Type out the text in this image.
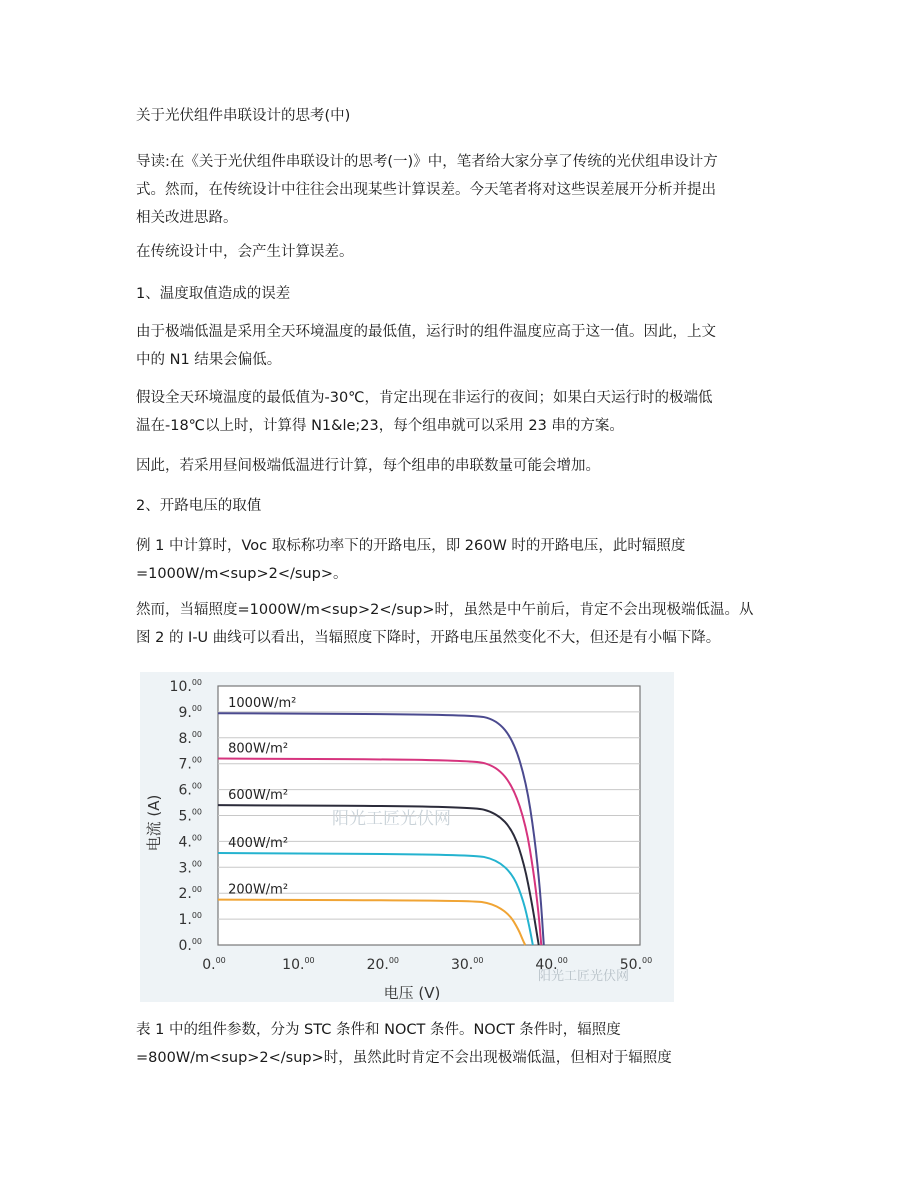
关于光伏组件串联设计的思考(中)

导读:在《关于光伏组件串联设计的思考(一)》中，笔者给大家分享了传统的光伏组串设计方
式。然而，在传统设计中往往会出现某些计算误差。今天笔者将对这些误差展开分析并提出
相关改进思路。

在传统设计中，会产生计算误差。

1、温度取值造成的误差

由于极端低温是采用全天环境温度的最低值，运行时的组件温度应高于这一值。因此，上文
中的 N1 结果会偏低。

假设全天环境温度的最低值为-30℃，肯定出现在非运行的夜间；如果白天运行时的极端低
温在-18℃以上时，计算得 N1&le;23，每个组串就可以采用 23 串的方案。

因此，若采用昼间极端低温进行计算，每个组串的串联数量可能会增加。

2、开路电压的取值

例 1 中计算时，Voc 取标称功率下的开路电压，即 260W 时的开路电压，此时辐照度
=1000W/m<sup>2</sup>。

然而，当辐照度=1000W/m<sup>2</sup>时，虽然是中午前后，肯定不会出现极端低温。从
图 2 的 I-U 曲线可以看出，当辐照度下降时，开路电压虽然变化不大，但还是有小幅下降。

表 1 中的组件参数，分为 STC 条件和 NOCT 条件。NOCT 条件时，辐照度
=800W/m<sup>2</sup>时，虽然此时肯定不会出现极端低温，但相对于辐照度

0.00
1.00
2.00
3.00
4.00
5.00
6.00
7.00
8.00
9.00
10.00
0.00	10.00	20.00	30.00	40.00	50.00
1000W/m²
800W/m²
600W/m²
400W/m²
200W/m²
阳光工匠光伏网
阳光工匠光伏网
电流 (A)
电压 (V)
